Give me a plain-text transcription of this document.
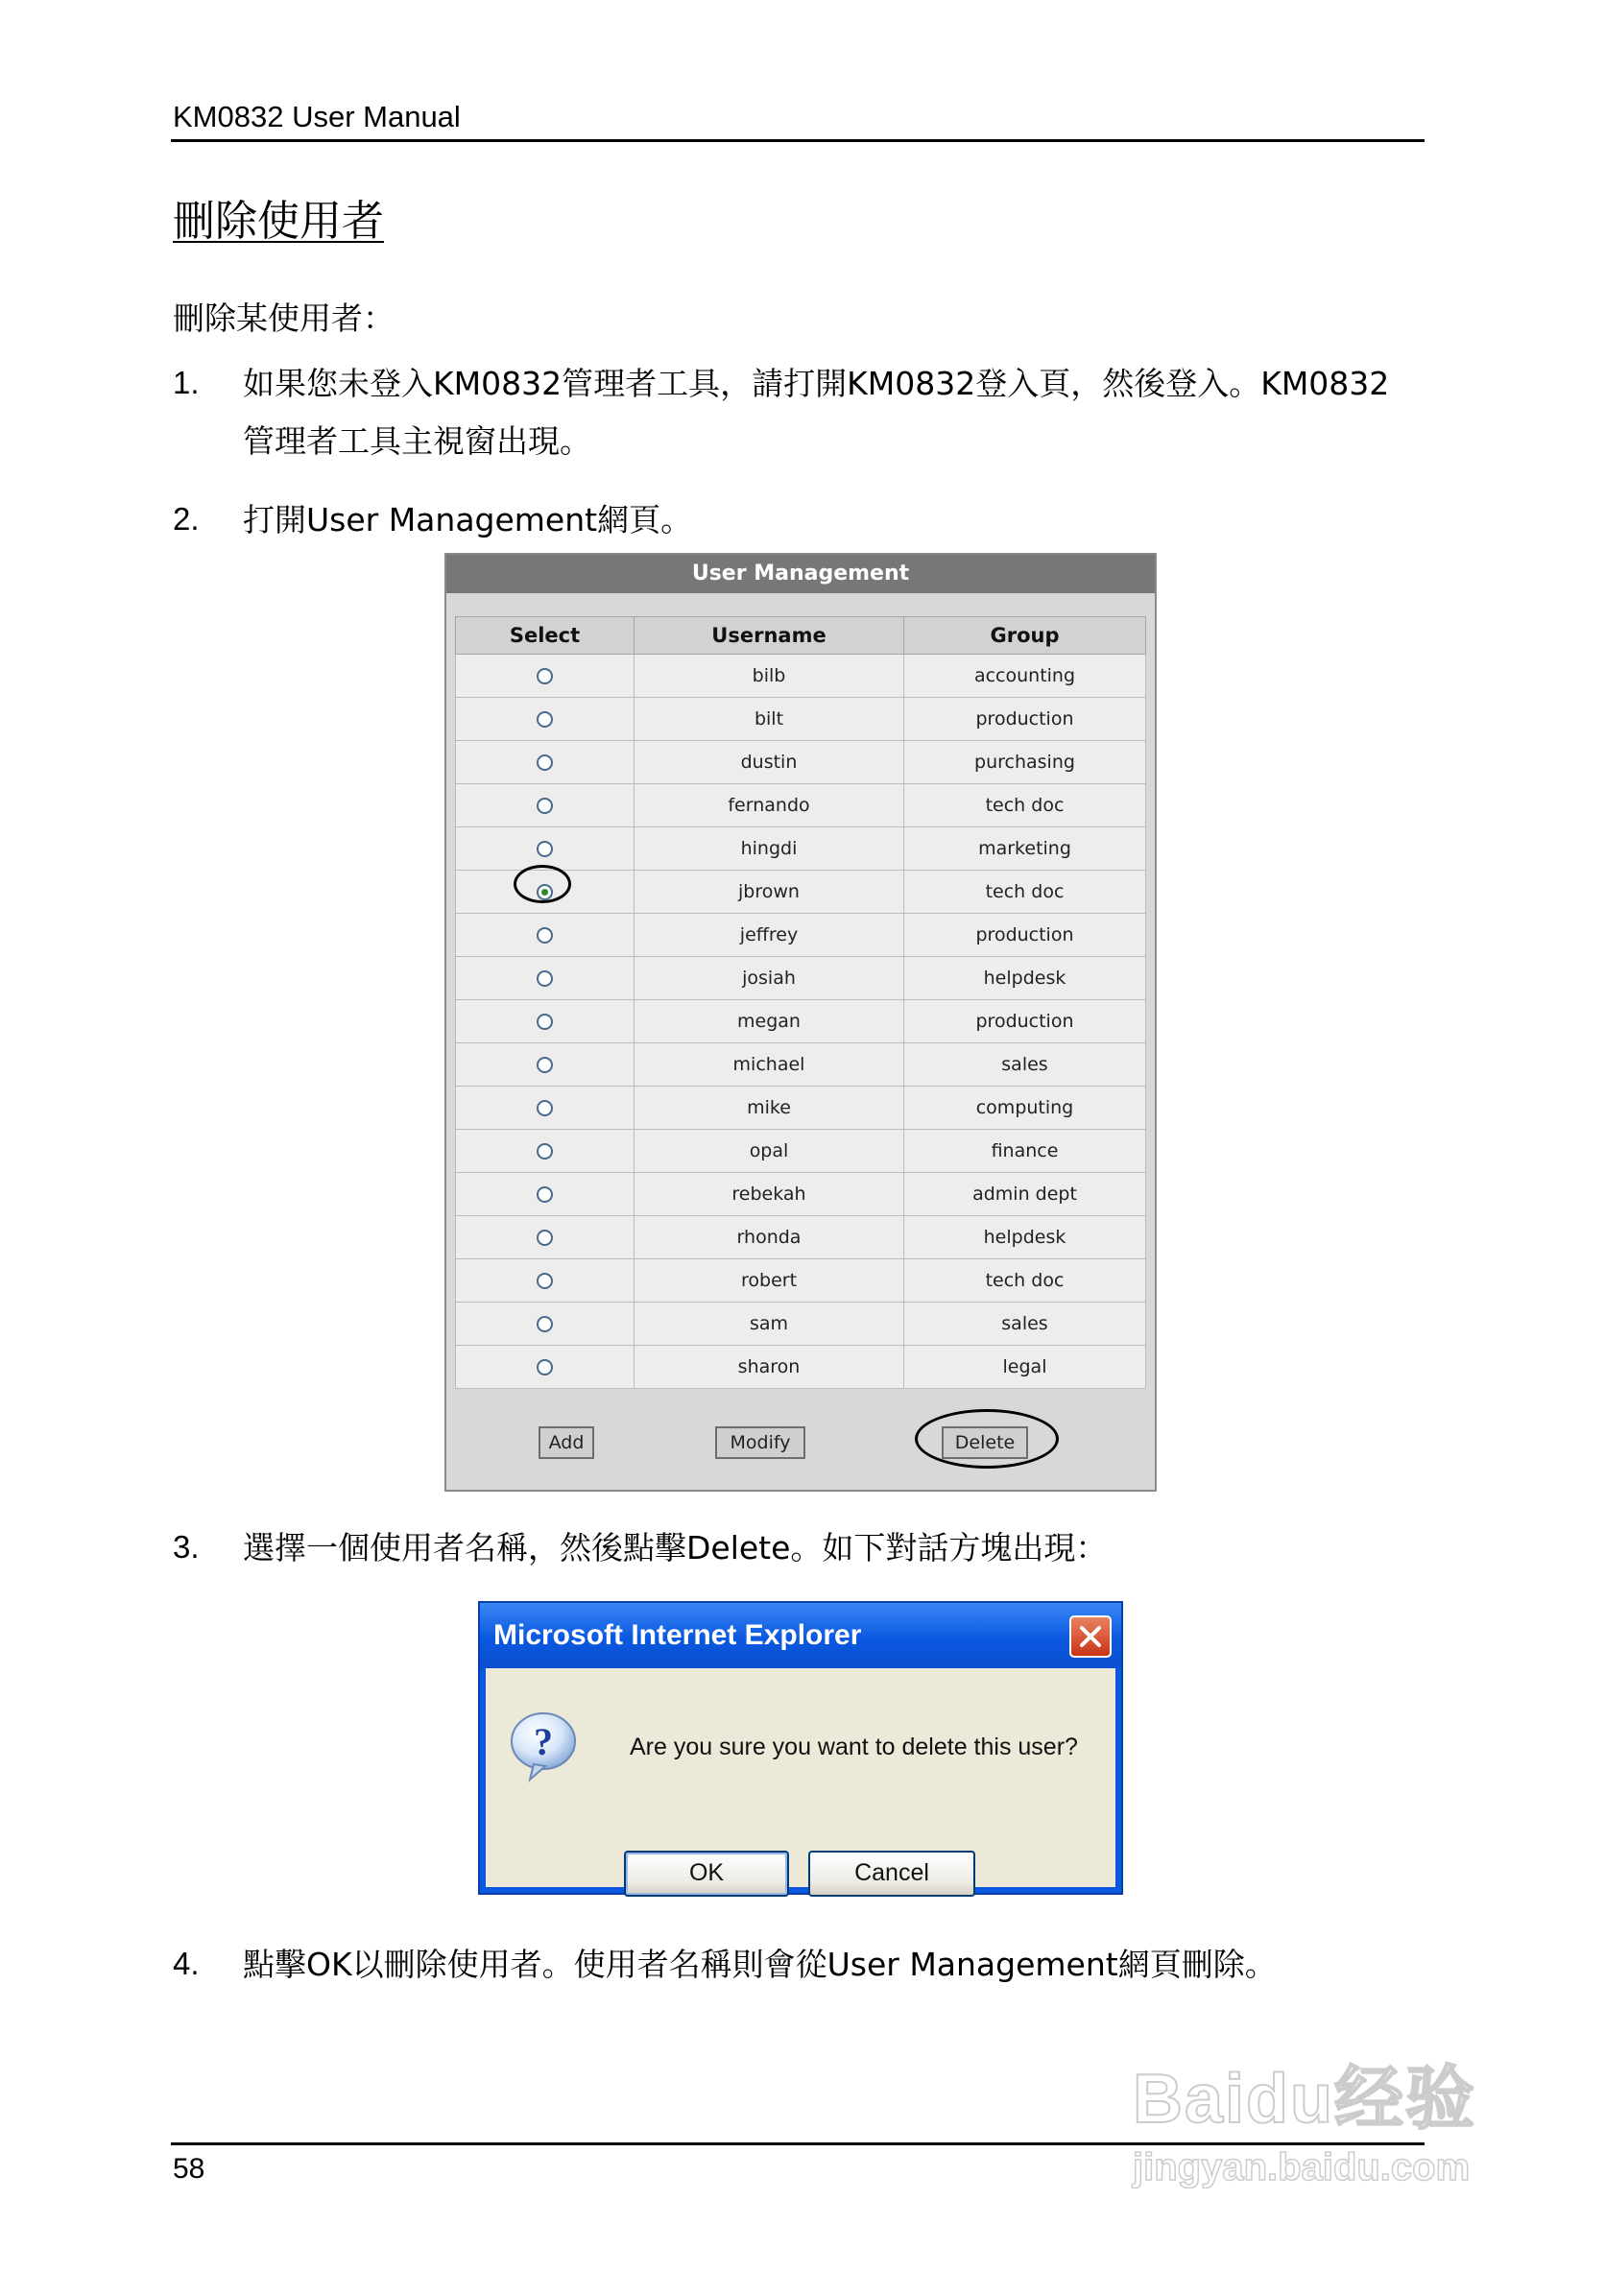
KM0832 User Manual
刪除使用者
刪除某使用者：
1. 如果您未登入KM0832管理者工具，請打開KM0832登入頁，然後登入。KM0832
管理者工具主視窗出現。
2. 打開User Management網頁。
User Management
Select	Username	Group
	bilb	accounting
	bilt	production
	dustin	purchasing
	fernando	tech doc
	hingdi	marketing
	jbrown	tech doc
	jeffrey	production
	josiah	helpdesk
	megan	production
	michael	sales
	mike	computing
	opal	finance
	rebekah	admin dept
	rhonda	helpdesk
	robert	tech doc
	sam	sales
	sharon	legal
Add	Modify	Delete
3. 選擇一個使用者名稱，然後點擊Delete。如下對話方塊出現：
Microsoft Internet Explorer
?	Are you sure you want to delete this user?
OK	Cancel
4. 點擊OK以刪除使用者。使用者名稱則會從User Management網頁刪除。
58
Baidu经验
jingyan.baidu.com
